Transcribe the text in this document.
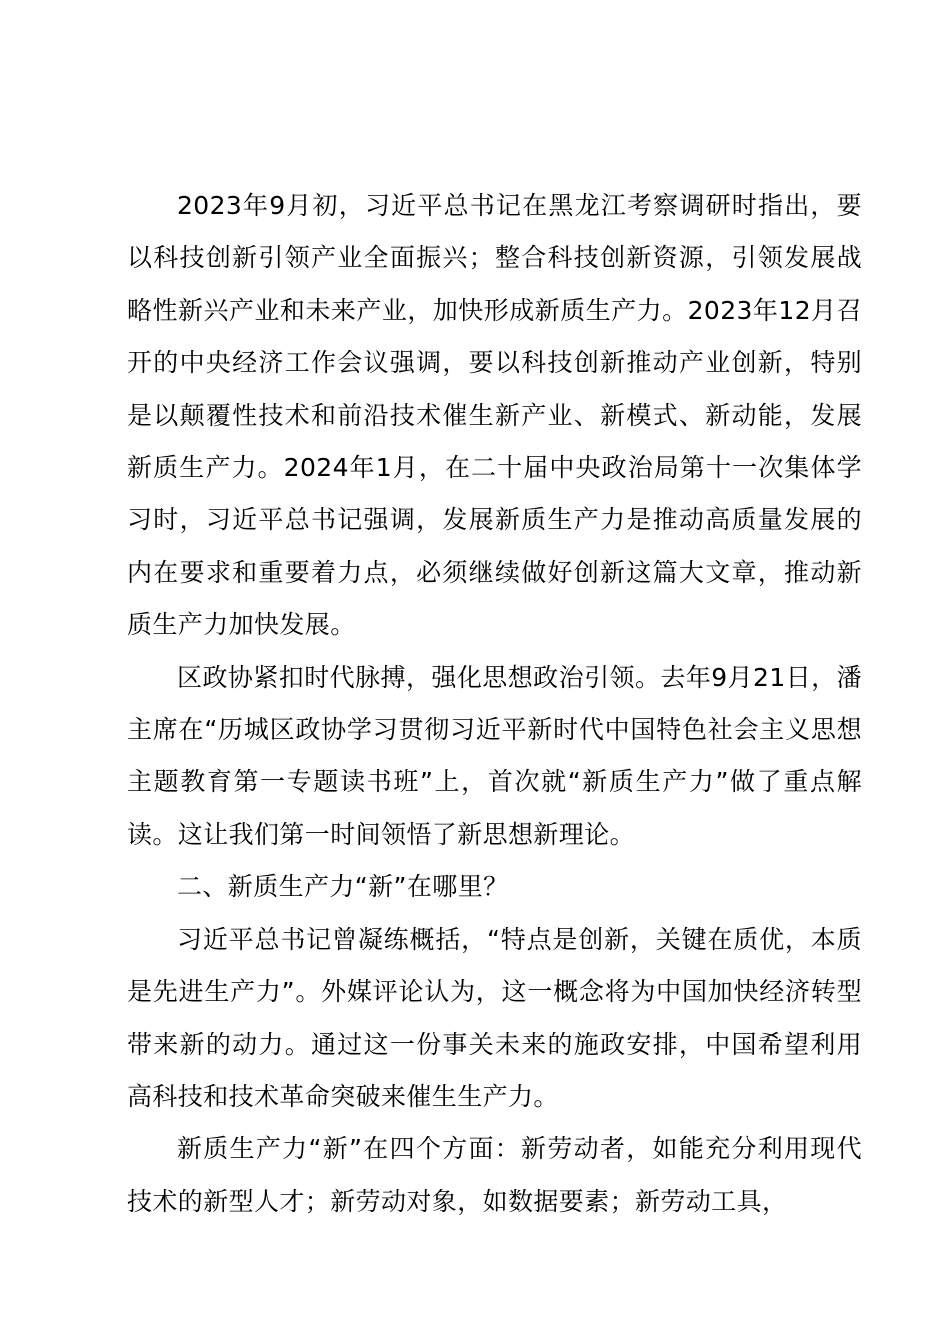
2023年9月初，习近平总书记在黑龙江考察调研时指出，要以科技创新引领产业全面振兴；整合科技创新资源，引领发展战略性新兴产业和未来产业，加快形成新质生产力。2023年12月召开的中央经济工作会议强调，要以科技创新推动产业创新，特别是以颠覆性技术和前沿技术催生新产业、新模式、新动能，发展新质生产力。2024年1月，在二十届中央政治局第十一次集体学习时，习近平总书记强调，发展新质生产力是推动高质量发展的内在要求和重要着力点，必须继续做好创新这篇大文章，推动新质生产力加快发展。

区政协紧扣时代脉搏，强化思想政治引领。去年9月21日，潘主席在“历城区政协学习贯彻习近平新时代中国特色社会主义思想主题教育第一专题读书班”上，首次就“新质生产力”做了重点解读。这让我们第一时间领悟了新思想新理论。

二、新质生产力“新”在哪里？

习近平总书记曾凝练概括，“特点是创新，关键在质优，本质是先进生产力”。外媒评论认为，这一概念将为中国加快经济转型带来新的动力。通过这一份事关未来的施政安排，中国希望利用高科技和技术革命突破来催生生产力。

新质生产力“新”在四个方面：新劳动者，如能充分利用现代技术的新型人才；新劳动对象，如数据要素；新劳动工具，
